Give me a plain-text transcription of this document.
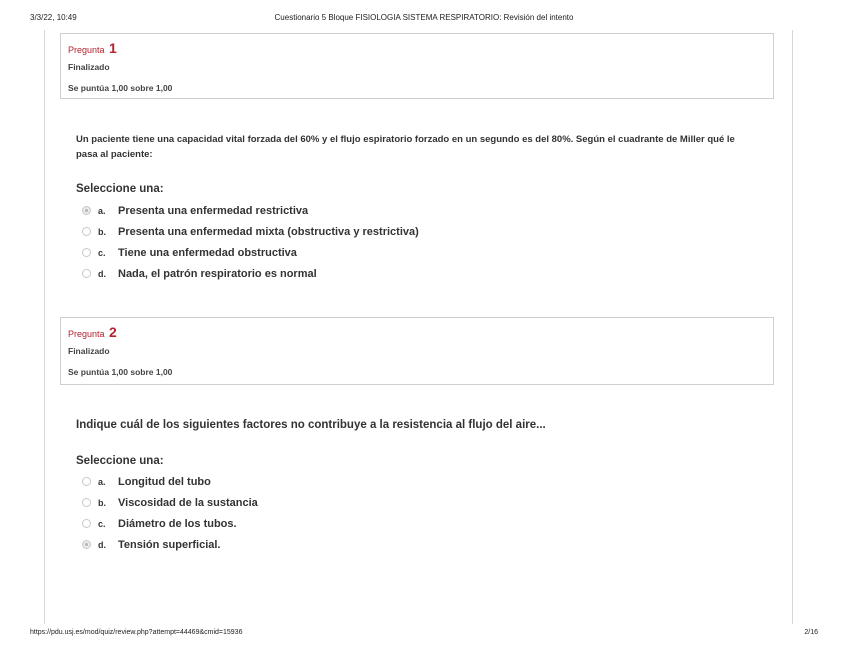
3/3/22, 10:49	Cuestionario 5 Bloque FISIOLOGIA SISTEMA RESPIRATORIO: Revisión del intento
Pregunta 1
Finalizado
Se puntúa 1,00 sobre 1,00
Un paciente tiene una capacidad vital forzada del 60% y el flujo espiratorio forzado en un segundo es del 80%. Según el cuadrante de Miller qué le pasa al paciente:
Seleccione una:
a.	Presenta una enfermedad restrictiva
b.	Presenta una enfermedad mixta (obstructiva y restrictiva)
c.	Tiene una enfermedad obstructiva
d.	Nada, el patrón respiratorio es normal
Pregunta 2
Finalizado
Se puntúa 1,00 sobre 1,00
Indique cuál de los siguientes factores no contribuye a la resistencia al flujo del aire...
Seleccione una:
a.	Longitud del tubo
b.	Viscosidad de la sustancia
c.	Diámetro de los tubos.
d.	Tensión superficial.
https://pdu.usj.es/mod/quiz/review.php?attempt=44469&cmid=15936	2/16
